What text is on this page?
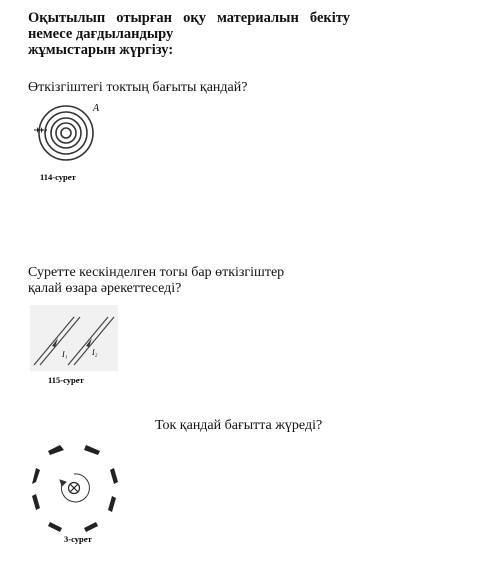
Оқытылып отырған оқу материалын бекіту
немесе дағдыландыру
жұмыстарын жүргізу:
Өткізгіштегі токтың бағыты қандай?
A
114-сурет
Суретте кескінделген тогы бар өткізгіштер
қалай өзара әрекеттеседі?
I₁	I₂
115-сурет
Ток қандай бағытта жүреді?
3-сурет
